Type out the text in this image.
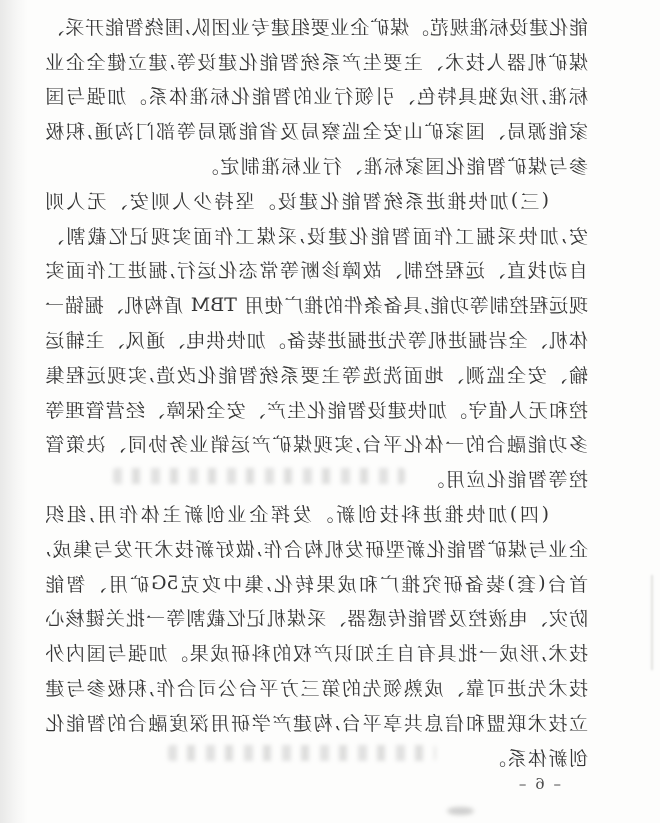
能
化
建
设
标
准
规
范
。
煤
矿
企
业
要
组
建
专
业
团
队
,
围
绕
智
能
开
采
、
煤
矿
机
器
人
技
术
、
主
要
生
产
系
统
智
能
化
建
设
等
,
建
立
健
全
企
业
标
准
,
形
成
独
具
特
色
、
引
领
行
业
的
智
能
化
标
准
体
系
。
加
强
与
国
家
能
源
局
、
国
家
矿
山
安
全
监
察
局
及
省
能
源
局
等
部
门
沟
通
,
积
极
参
与
煤
矿
智
能
化
国
家
标
准
、
行
业
标
准
制
定
。
(
三
)
加
快
推
进
系
统
智
能
化
建
设
。
坚
持
少
人
则
安
、
无
人
则
安
,
加
快
采
掘
工
作
面
智
能
化
建
设
,
采
煤
工
作
面
实
现
记
忆
截
割
、
自
动
找
直
、
远
程
控
制
、
故
障
诊
断
等
常
态
化
运
行
,
掘
进
工
作
面
实
现
远
程
控
制
等
功
能
,
具
备
条
件
的
推
广
使
用

TBM

盾
构
机
、
掘
锚
一
体
机
、
全
岩
掘
进
机
等
先
进
掘
进
装
备
。
加
快
供
电
、
通
风
、
主
辅
运
输
、
安
全
监
测
、
地
面
洗
选
等
主
要
系
统
智
能
化
改
造
,
实
现
远
程
集
控
和
无
人
值
守
。
加
快
建
设
智
能
化
生
产
、
安
全
保
障
、
经
营
管
理
等
多
功
能
融
合
的
一
体
化
平
台
,
实
现
煤
矿
产
运
销
业
务
协
同
、
决
策
管
控
等
智
能
化
应
用
。
(
四
)
加
快
推
进
科
技
创
新
。
发
挥
企
业
创
新
主
体
作
用
,
组
织
企
业
与
煤
矿
智
能
化
新
型
研
发
机
构
合
作
,
做
好
新
技
术
开
发
与
集
成
,
首
台
(
套
)
装
备
研
究
推
广
和
成
果
转
化
,
集
中
攻
克
5G
矿
用
、
智
能
防
灾
、
电
液
控
及
智
能
传
感
器
、
采
煤
机
记
忆
截
割
等
一
批
关
键
核
心
技
术
,
形
成
一
批
具
有
自
主
知
识
产
权
的
科
研
成
果
。
加
强
与
国
内
外
技
术
先
进
可
靠
、
成
熟
领
先
的
第
三
方
平
台
公
司
合
作
,
积
极
参
与
建
立
技
术
联
盟
和
信
息
共
享
平
台
,
构
建
产
学
研
用
深
度
融
合
的
智
能
化
创
新
体
系
。
– 6 –
